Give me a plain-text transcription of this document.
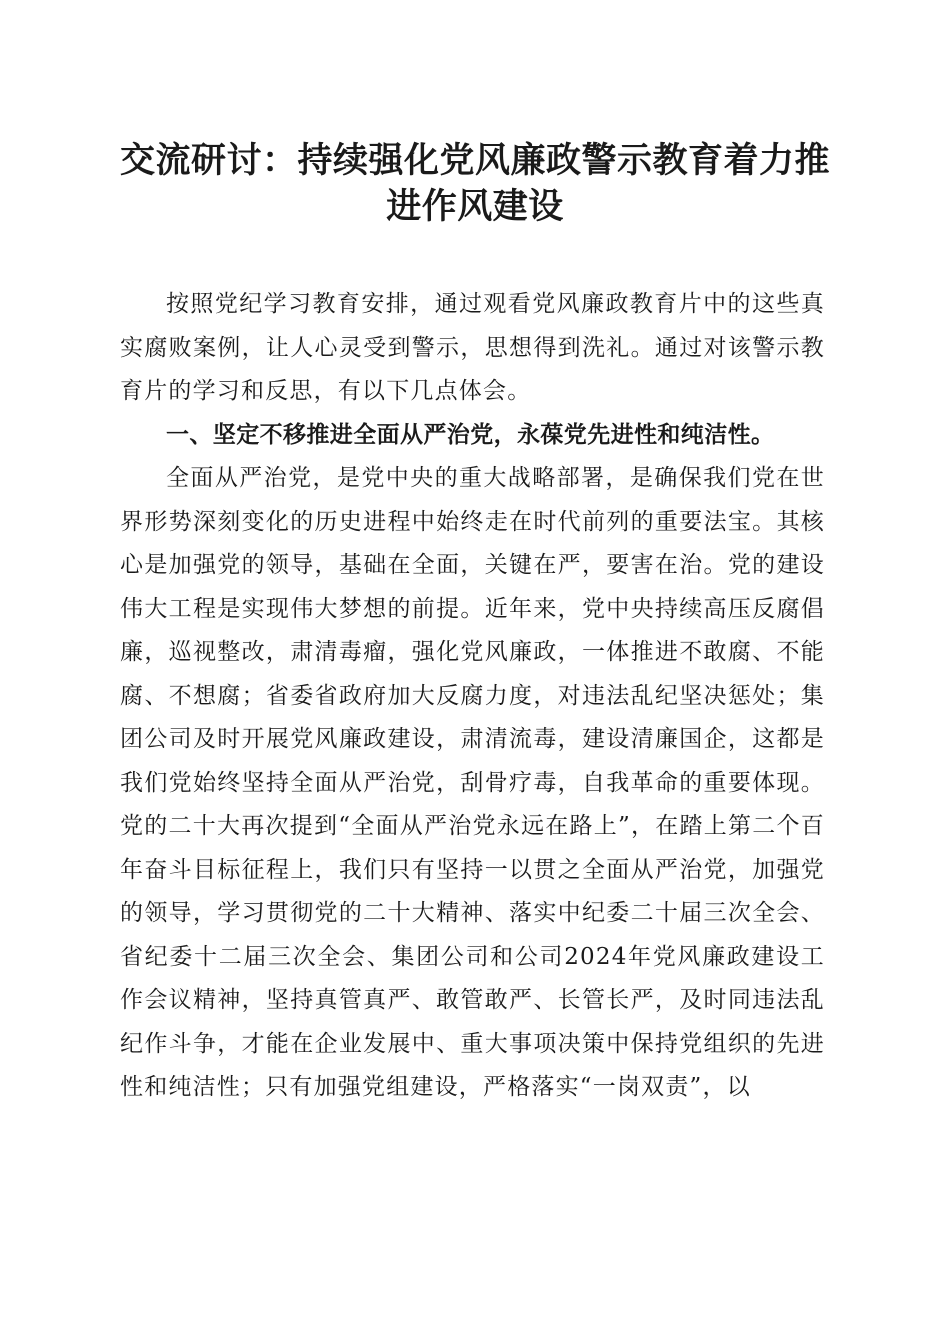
交流研讨：持续强化党风廉政警示教育着力推进作风建设

按照党纪学习教育安排，通过观看党风廉政教育片中的这些真实腐败案例，让人心灵受到警示，思想得到洗礼。通过对该警示教育片的学习和反思，有以下几点体会。

一、坚定不移推进全面从严治党，永葆党先进性和纯洁性。

全面从严治党，是党中央的重大战略部署，是确保我们党在世界形势深刻变化的历史进程中始终走在时代前列的重要法宝。其核心是加强党的领导，基础在全面，关键在严，要害在治。党的建设伟大工程是实现伟大梦想的前提。近年来，党中央持续高压反腐倡廉，巡视整改，肃清毒瘤，强化党风廉政，一体推进不敢腐、不能腐、不想腐；省委省政府加大反腐力度，对违法乱纪坚决惩处；集团公司及时开展党风廉政建设，肃清流毒，建设清廉国企，这都是我们党始终坚持全面从严治党，刮骨疗毒，自我革命的重要体现。党的二十大再次提到“全面从严治党永远在路上”，在踏上第二个百年奋斗目标征程上，我们只有坚持一以贯之全面从严治党，加强党的领导，学习贯彻党的二十大精神、落实中纪委二十届三次全会、省纪委十二届三次全会、集团公司和公司2024年党风廉政建设工作会议精神，坚持真管真严、敢管敢严、长管长严，及时同违法乱纪作斗争，才能在企业发展中、重大事项决策中保持党组织的先进性和纯洁性；只有加强党组建设，严格落实“一岗双责”，以
